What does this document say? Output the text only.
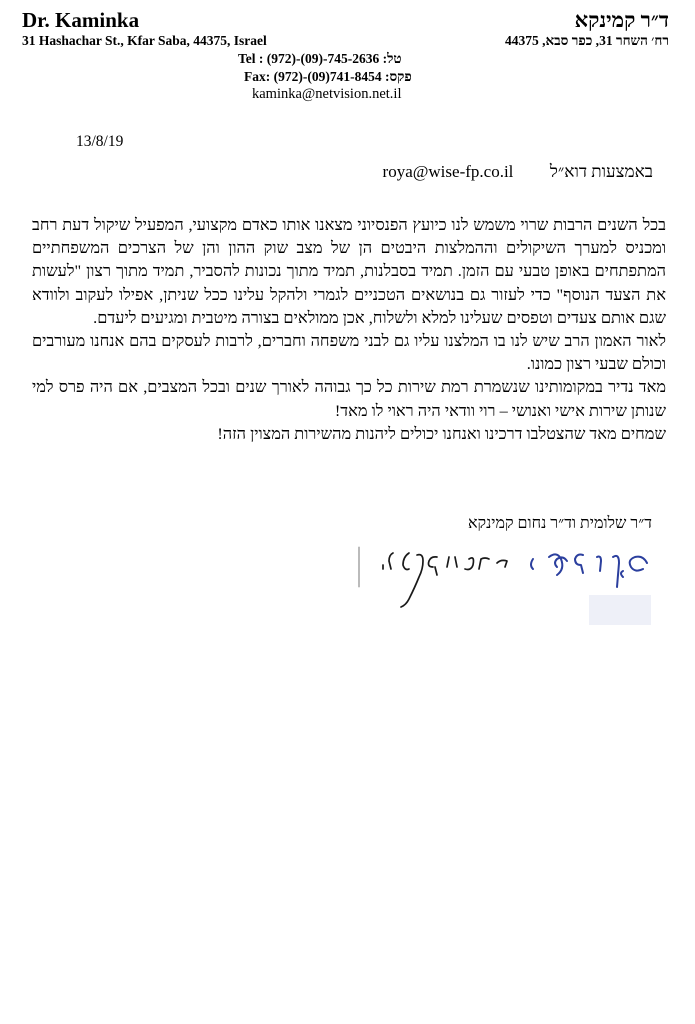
Dr. Kaminka	ד״ר קמינקא
31 Hashachar St., Kfar Saba, 44375, Israel	רח׳ השחר 31, כפר סבא, 44375
Tel : (972)-(09)-745-2636 טל:
Fax: (972)-(09)741-8454 פקס:
kaminka@netvision.net.il
13/8/19
באמצעות דוא״ל  roya@wise-fp.co.il

בכל השנים הרבות שרוי משמש לנו כיועץ הפנסיוני מצאנו אותו כאדם מקצועי, המפעיל שיקול דעת רחב ומכניס למערך השיקולים וההמלצות היבטים הן של מצב שוק ההון והן של הצרכים המשפחתיים המתפתחים באופן טבעי עם הזמן. תמיד בסבלנות, תמיד מתוך נכונות להסביר, תמיד מתוך רצון "לעשות את הצעד הנוסף" כדי לעזור גם בנושאים הטכניים לגמרי ולהקל עלינו ככל שניתן, אפילו לעקוב ולוודא שגם אותם צעדים וטפסים שעלינו למלא ולשלוח, אכן ממולאים בצורה מיטבית ומגיעים ליעדם.

לאור האמון הרב שיש לנו בו המלצנו עליו גם לבני משפחה וחברים, לרבות לעסקים בהם אנחנו מעורבים וכולם שבעי רצון כמונו.

מאד נדיר במקומותינו שנשמרת רמת שירות כל כך גבוהה לאורך שנים ובכל המצבים, אם היה פרס למי שנותן שירות אישי ואנושי – רוי וודאי היה ראוי לו מאד!

שמחים מאד שהצטלבו דרכינו ואנחנו יכולים ליהנות מהשירות המצוין הזה!

ד״ר שלומית וד״ר נחום קמינקא
